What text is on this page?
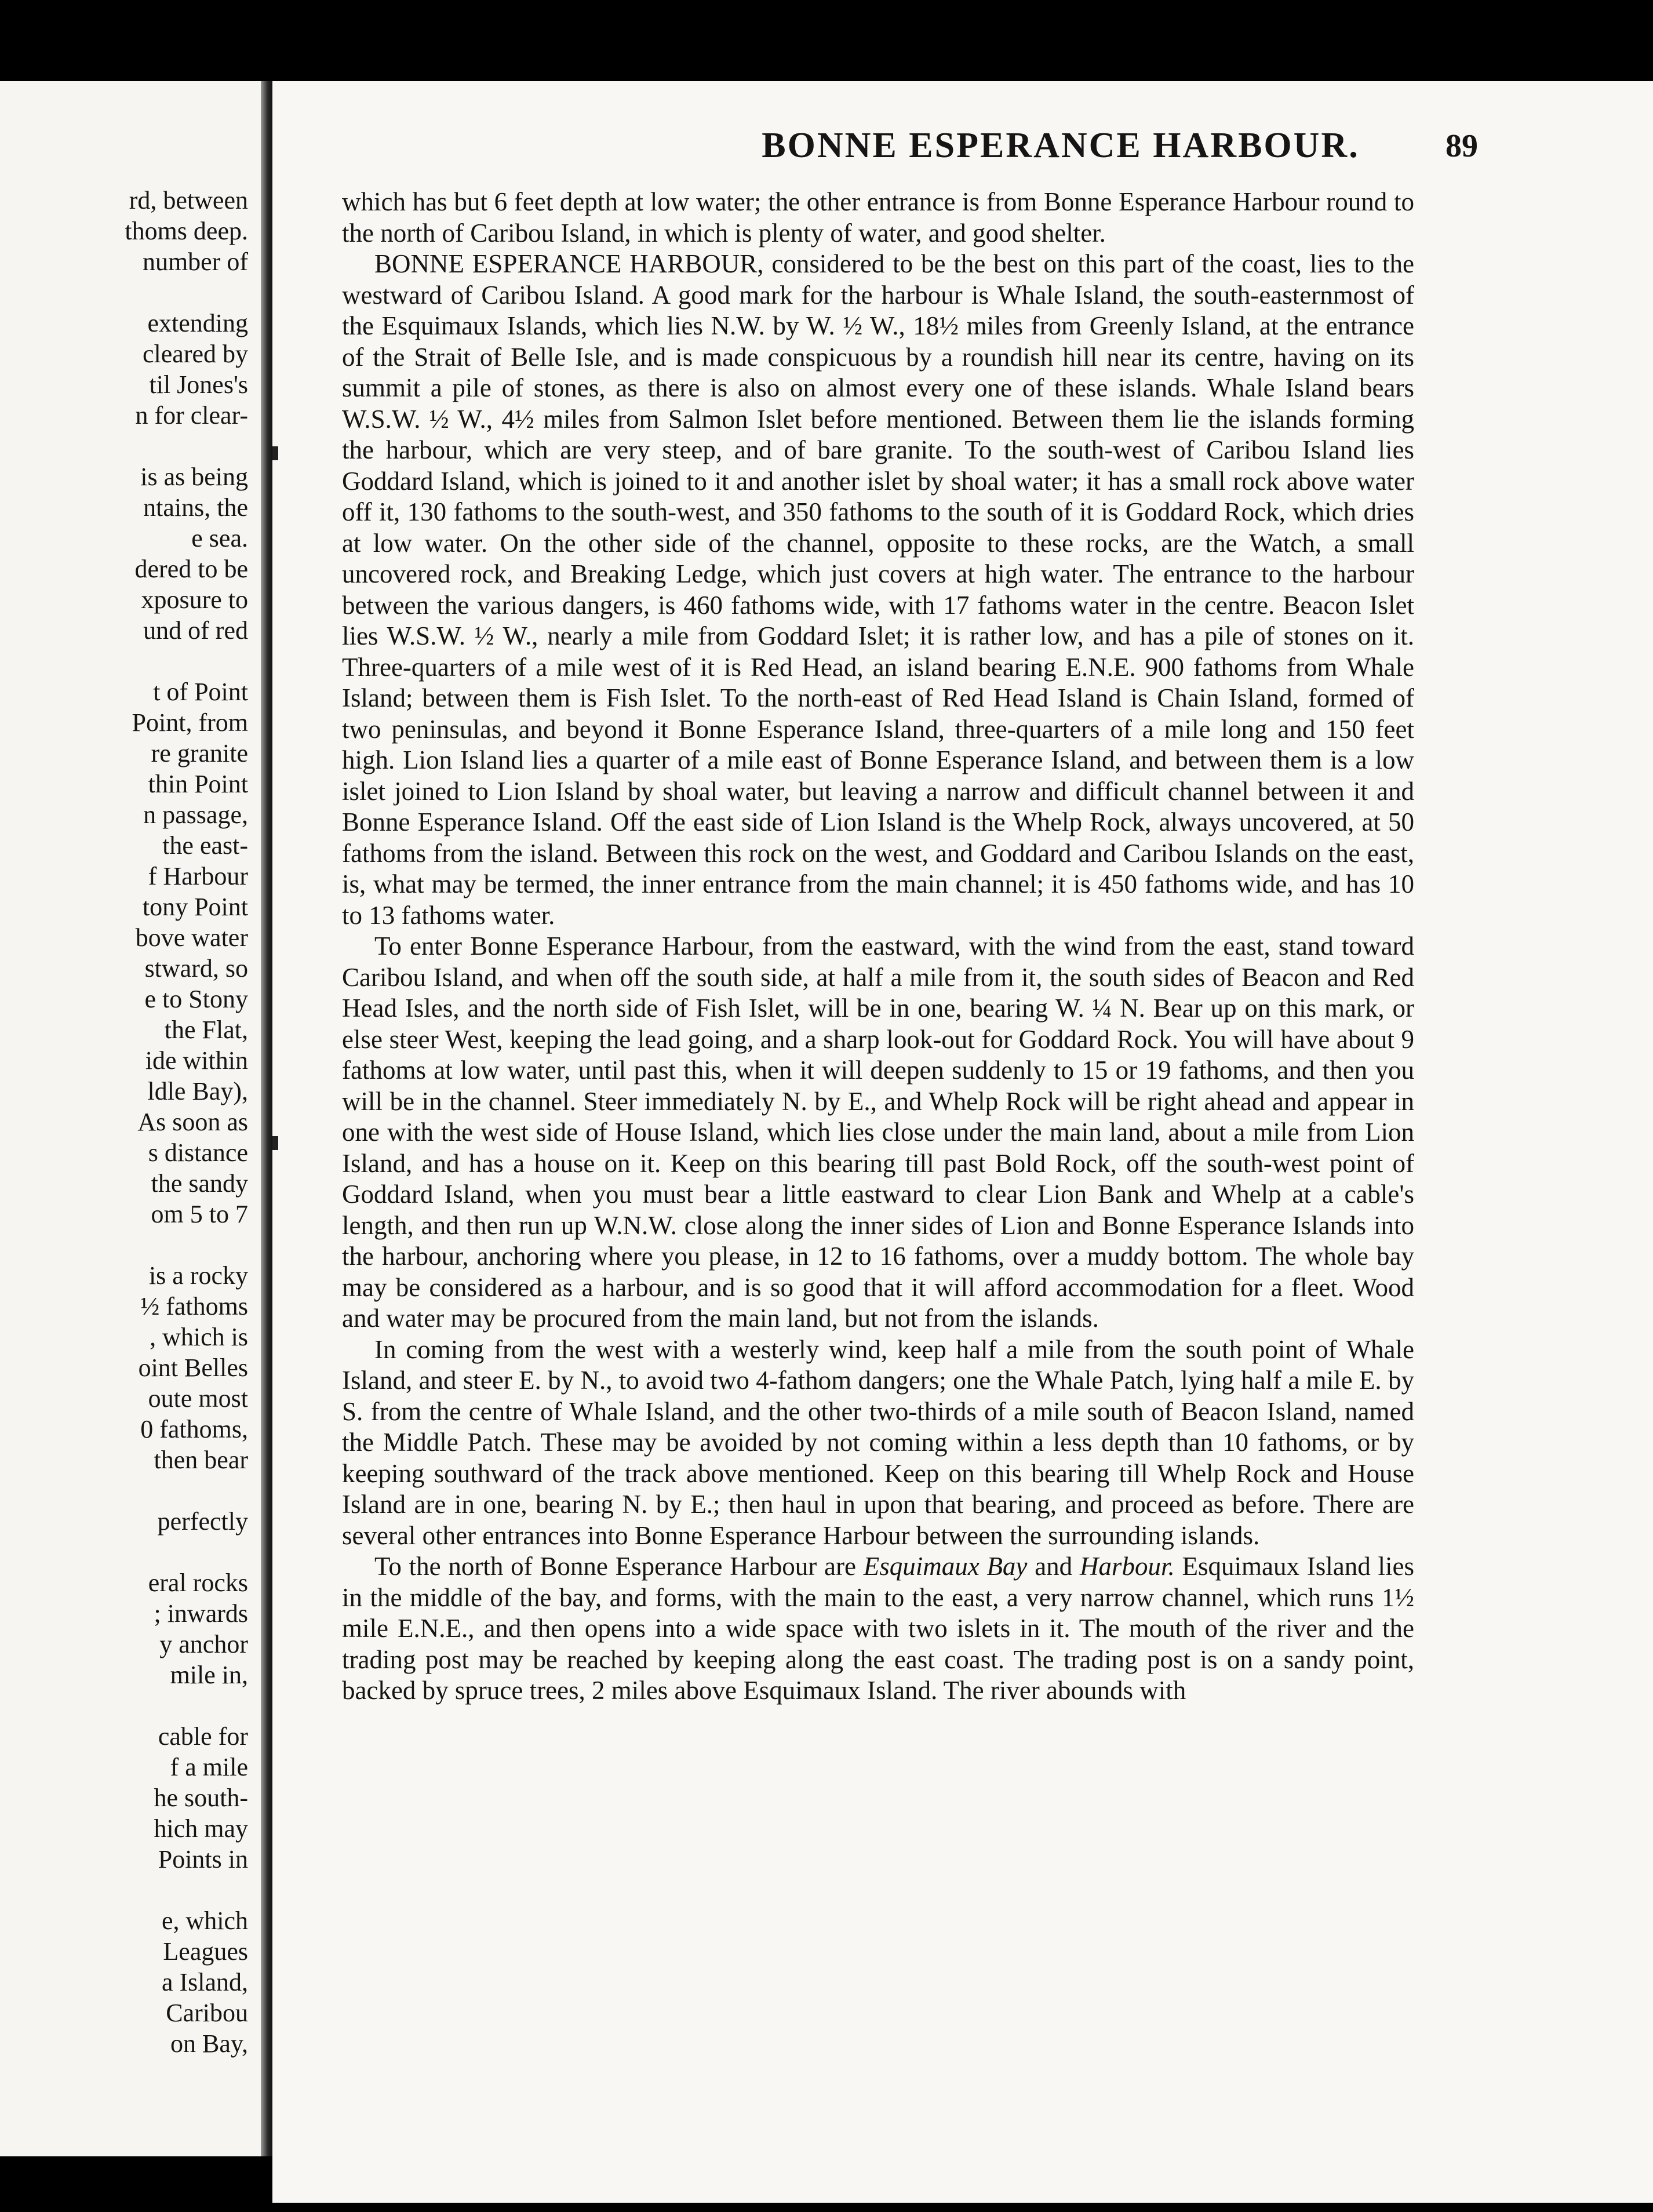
rd, between

thoms deep.

number of

extending

cleared by

til Jones's

n for clear-

is as being

ntains, the

e sea.

dered to be

xposure to

und of red

t of Point

Point, from

re granite

thin Point

n passage,

the east-

f Harbour

tony Point

bove water

stward, so

e to Stony

the Flat,

ide within

ldle Bay),

As soon as

s distance

the sandy

om 5 to 7

is a rocky

½ fathoms

, which is

oint Belles

oute most

0 fathoms,

then bear

perfectly

eral rocks

; inwards

y anchor

mile in,

cable for

f a mile

he south-

hich may

Points in

e, which

Leagues

a Island,

Caribou

on Bay,

BONNE ESPERANCE HARBOUR.	89

which has but 6 feet depth at low water; the other entrance is from Bonne Esperance Harbour round to the north of Caribou Island, in which is plenty of water, and good shelter.

BONNE ESPERANCE HARBOUR, considered to be the best on this part of the coast, lies to the westward of Caribou Island. A good mark for the harbour is Whale Island, the south-easternmost of the Esquimaux Islands, which lies N.W. by W. ½ W., 18½ miles from Greenly Island, at the entrance of the Strait of Belle Isle, and is made conspicuous by a roundish hill near its centre, having on its summit a pile of stones, as there is also on almost every one of these islands. Whale Island bears W.S.W. ½ W., 4½ miles from Salmon Islet before mentioned. Between them lie the islands forming the harbour, which are very steep, and of bare granite. To the south-west of Caribou Island lies Goddard Island, which is joined to it and another islet by shoal water; it has a small rock above water off it, 130 fathoms to the south-west, and 350 fathoms to the south of it is Goddard Rock, which dries at low water. On the other side of the channel, opposite to these rocks, are the Watch, a small uncovered rock, and Breaking Ledge, which just covers at high water. The entrance to the harbour between the various dangers, is 460 fathoms wide, with 17 fathoms water in the centre. Beacon Islet lies W.S.W. ½ W., nearly a mile from Goddard Islet; it is rather low, and has a pile of stones on it. Three-quarters of a mile west of it is Red Head, an island bearing E.N.E. 900 fathoms from Whale Island; between them is Fish Islet. To the north-east of Red Head Island is Chain Island, formed of two peninsulas, and beyond it Bonne Esperance Island, three-quarters of a mile long and 150 feet high. Lion Island lies a quarter of a mile east of Bonne Esperance Island, and between them is a low islet joined to Lion Island by shoal water, but leaving a narrow and difficult channel between it and Bonne Esperance Island. Off the east side of Lion Island is the Whelp Rock, always uncovered, at 50 fathoms from the island. Between this rock on the west, and Goddard and Caribou Islands on the east, is, what may be termed, the inner entrance from the main channel; it is 450 fathoms wide, and has 10 to 13 fathoms water.

To enter Bonne Esperance Harbour, from the eastward, with the wind from the east, stand toward Caribou Island, and when off the south side, at half a mile from it, the south sides of Beacon and Red Head Isles, and the north side of Fish Islet, will be in one, bearing W. ¼ N. Bear up on this mark, or else steer West, keeping the lead going, and a sharp look-out for Goddard Rock. You will have about 9 fathoms at low water, until past this, when it will deepen suddenly to 15 or 19 fathoms, and then you will be in the channel. Steer immediately N. by E., and Whelp Rock will be right ahead and appear in one with the west side of House Island, which lies close under the main land, about a mile from Lion Island, and has a house on it. Keep on this bearing till past Bold Rock, off the south-west point of Goddard Island, when you must bear a little eastward to clear Lion Bank and Whelp at a cable's length, and then run up W.N.W. close along the inner sides of Lion and Bonne Esperance Islands into the harbour, anchoring where you please, in 12 to 16 fathoms, over a muddy bottom. The whole bay may be considered as a harbour, and is so good that it will afford accommodation for a fleet. Wood and water may be procured from the main land, but not from the islands.

In coming from the west with a westerly wind, keep half a mile from the south point of Whale Island, and steer E. by N., to avoid two 4-fathom dangers; one the Whale Patch, lying half a mile E. by S. from the centre of Whale Island, and the other two-thirds of a mile south of Beacon Island, named the Middle Patch. These may be avoided by not coming within a less depth than 10 fathoms, or by keeping southward of the track above mentioned. Keep on this bearing till Whelp Rock and House Island are in one, bearing N. by E.; then haul in upon that bearing, and proceed as before. There are several other entrances into Bonne Esperance Harbour between the surrounding islands.

To the north of Bonne Esperance Harbour are Esquimaux Bay and Harbour. Esquimaux Island lies in the middle of the bay, and forms, with the main to the east, a very narrow channel, which runs 1½ mile E.N.E., and then opens into a wide space with two islets in it. The mouth of the river and the trading post may be reached by keeping along the east coast. The trading post is on a sandy point, backed by spruce trees, 2 miles above Esquimaux Island. The river abounds with
